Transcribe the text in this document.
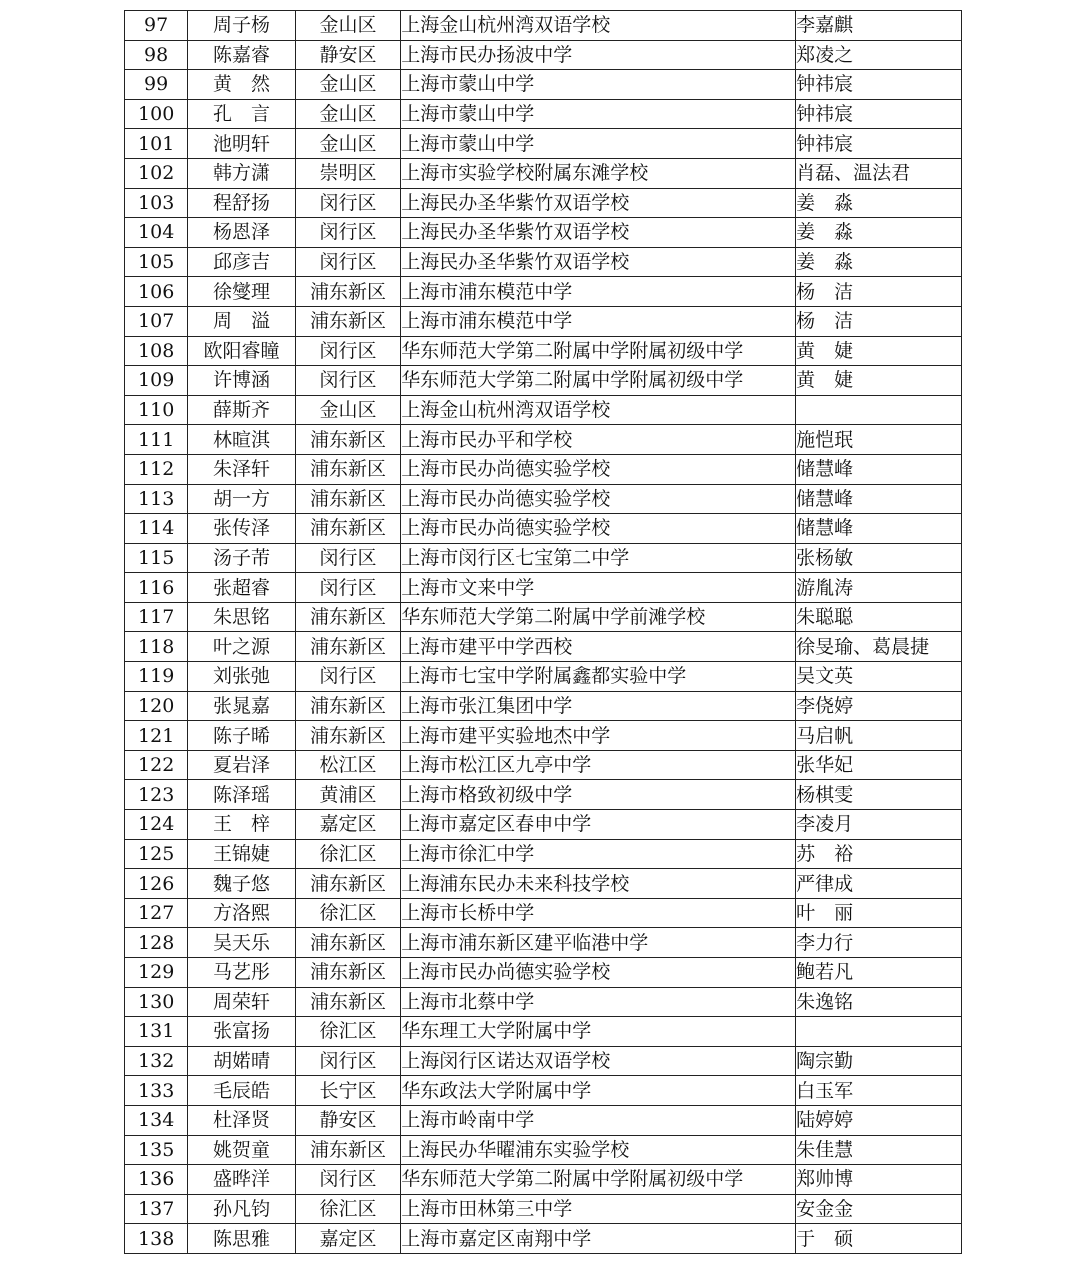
97	周子杨	金山区	上海金山杭州湾双语学校	李嘉麒
98	陈嘉睿	静安区	上海市民办扬波中学	郑凌之
99	黄　然	金山区	上海市蒙山中学	钟祎宸
100	孔　言	金山区	上海市蒙山中学	钟祎宸
101	池明轩	金山区	上海市蒙山中学	钟祎宸
102	韩方潇	崇明区	上海市实验学校附属东滩学校	肖磊、温法君
103	程舒扬	闵行区	上海民办圣华紫竹双语学校	姜　淼
104	杨恩泽	闵行区	上海民办圣华紫竹双语学校	姜　淼
105	邱彦吉	闵行区	上海民办圣华紫竹双语学校	姜　淼
106	徐燮理	浦东新区	上海市浦东模范中学	杨　洁
107	周　溢	浦东新区	上海市浦东模范中学	杨　洁
108	欧阳睿瞳	闵行区	华东师范大学第二附属中学附属初级中学	黄　婕
109	许博涵	闵行区	华东师范大学第二附属中学附属初级中学	黄　婕
110	薛斯齐	金山区	上海金山杭州湾双语学校	
111	林暄淇	浦东新区	上海市民办平和学校	施恺珉
112	朱泽轩	浦东新区	上海市民办尚德实验学校	储慧峰
113	胡一方	浦东新区	上海市民办尚德实验学校	储慧峰
114	张传泽	浦东新区	上海市民办尚德实验学校	储慧峰
115	汤子芾	闵行区	上海市闵行区七宝第二中学	张杨敏
116	张超睿	闵行区	上海市文来中学	游胤涛
117	朱思铭	浦东新区	华东师范大学第二附属中学前滩学校	朱聪聪
118	叶之源	浦东新区	上海市建平中学西校	徐旻瑜、葛晨捷
119	刘张弛	闵行区	上海市七宝中学附属鑫都实验中学	吴文英
120	张晁嘉	浦东新区	上海市张江集团中学	李侥婷
121	陈子晞	浦东新区	上海市建平实验地杰中学	马启帆
122	夏岩泽	松江区	上海市松江区九亭中学	张华妃
123	陈泽瑶	黄浦区	上海市格致初级中学	杨棋雯
124	王　梓	嘉定区	上海市嘉定区春申中学	李凌月
125	王锦婕	徐汇区	上海市徐汇中学	苏　裕
126	魏子悠	浦东新区	上海浦东民办未来科技学校	严律成
127	方洛熙	徐汇区	上海市长桥中学	叶　丽
128	吴天乐	浦东新区	上海市浦东新区建平临港中学	李力行
129	马艺彤	浦东新区	上海市民办尚德实验学校	鲍若凡
130	周荣轩	浦东新区	上海市北蔡中学	朱逸铭
131	张富扬	徐汇区	华东理工大学附属中学	
132	胡婼晴	闵行区	上海闵行区诺达双语学校	陶宗勤
133	毛辰皓	长宁区	华东政法大学附属中学	白玉军
134	杜泽贤	静安区	上海市岭南中学	陆婷婷
135	姚贺童	浦东新区	上海民办华曜浦东实验学校	朱佳慧
136	盛晔洋	闵行区	华东师范大学第二附属中学附属初级中学	郑帅博
137	孙凡钧	徐汇区	上海市田林第三中学	安金金
138	陈思雅	嘉定区	上海市嘉定区南翔中学	于　硕
